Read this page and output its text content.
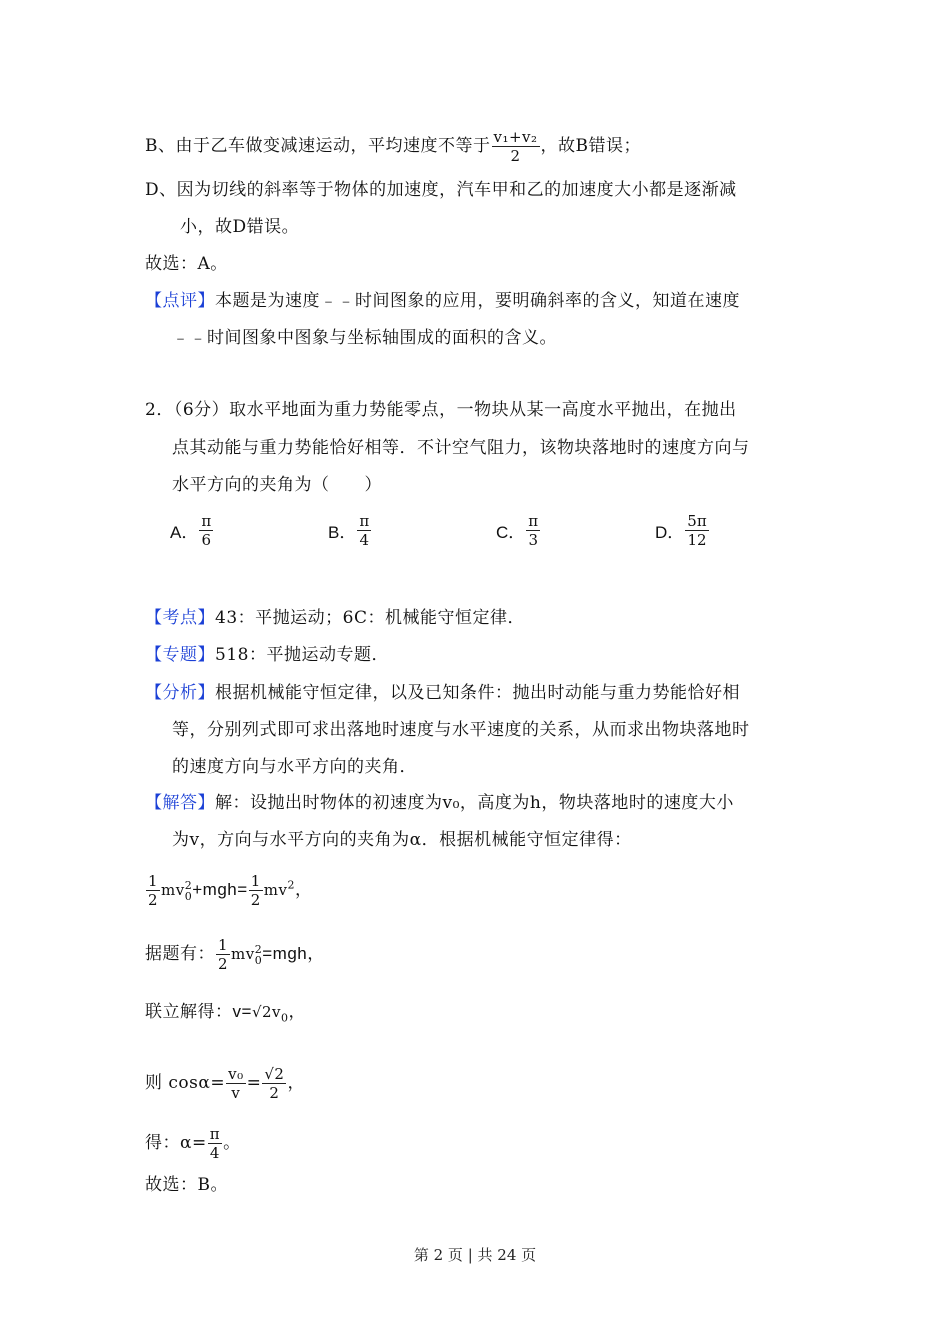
B、由于乙车做变减速运动，平均速度不等于 $\frac{\text{v₁+v₂}}{2}$ ，故B错误；
D、因为切线的斜率等于物体的加速度，汽车甲和乙的加速度大小都是逐渐减
小，故D错误。
故选：A。
【点评】本题是为速度﹣﹣时间图象的应用，要明确斜率的含义，知道在速度
﹣﹣时间图象中图象与坐标轴围成的面积的含义。
2．（6分）取水平地面为重力势能零点，一物块从某一高度水平抛出，在抛出
点其动能与重力势能恰好相等．不计空气阻力，该物块落地时的速度方向与
水平方向的夹角为（　　）
A． $\frac{\pi}{6}$	B． $\frac{\pi}{4}$	C． $\frac{\pi}{3}$	D． $\frac{5\pi}{12}$
【考点】43：平抛运动；6C：机械能守恒定律．
【专题】518：平抛运动专题．
【分析】根据机械能守恒定律，以及已知条件：抛出时动能与重力势能恰好相
等，分别列式即可求出落地时速度与水平速度的关系，从而求出物块落地时
的速度方向与水平方向的夹角．
【解答】解：设抛出时物体的初速度为v₀，高度为h，物块落地时的速度大小
为v，方向与水平方向的夹角为α．根据机械能守恒定律得：
$\frac{1}{2}$ mv 2
$0 +mgh= \frac{1}{2} mv^2$，
据题有： $\frac{1}{2}$ mv 2
0 =mgh，
联立解得：$v=√2v_0$，
则 $\cos\alpha= \frac{\text{v₀}}{v} = \frac{√2}{2}$ ，
得：$\alpha= \frac{\pi}{4}$ 。
故选：B。
第 2 页 | 共 24 页
